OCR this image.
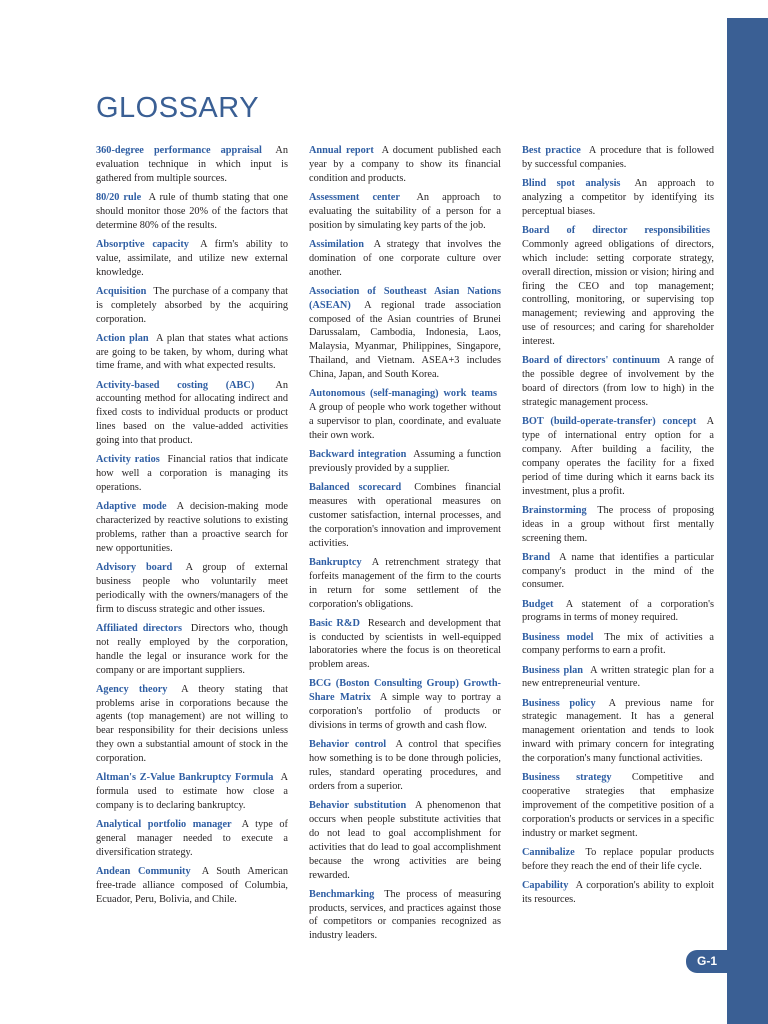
GLOSSARY

360-degree performance appraisal An evaluation technique in which input is gathered from multiple sources.

80/20 rule A rule of thumb stating that one should monitor those 20% of the factors that determine 80% of the results.

Absorptive capacity A firm's ability to value, assimilate, and utilize new external knowledge.

Acquisition The purchase of a company that is completely absorbed by the acquiring corporation.

Action plan A plan that states what actions are going to be taken, by whom, during what time frame, and with what expected results.

Activity-based costing (ABC) An accounting method for allocating indirect and fixed costs to individual products or product lines based on the value-added activities going into that product.

Activity ratios Financial ratios that indicate how well a corporation is managing its operations.

Adaptive mode A decision-making mode characterized by reactive solutions to existing problems, rather than a proactive search for new opportunities.

Advisory board A group of external business people who voluntarily meet periodically with the owners/managers of the firm to discuss strategic and other issues.

Affiliated directors Directors who, though not really employed by the corporation, handle the legal or insurance work for the company or are important suppliers.

Agency theory A theory stating that problems arise in corporations because the agents (top management) are not willing to bear responsibility for their decisions unless they own a substantial amount of stock in the corporation.

Altman's Z-Value Bankruptcy Formula A formula used to estimate how close a company is to declaring bankruptcy.

Analytical portfolio manager A type of general manager needed to execute a diversification strategy.

Andean Community A South American free-trade alliance composed of Columbia, Ecuador, Peru, Bolivia, and Chile.

Annual report A document published each year by a company to show its financial condition and products.

Assessment center An approach to evaluating the suitability of a person for a position by simulating key parts of the job.

Assimilation A strategy that involves the domination of one corporate culture over another.

Association of Southeast Asian Nations (ASEAN) A regional trade association composed of the Asian countries of Brunei Darussalam, Cambodia, Indonesia, Laos, Malaysia, Myanmar, Philippines, Singapore, Thailand, and Vietnam. ASEA+3 includes China, Japan, and South Korea.

Autonomous (self-managing) work teams A group of people who work together without a supervisor to plan, coordinate, and evaluate their own work.

Backward integration Assuming a function previously provided by a supplier.

Balanced scorecard Combines financial measures with operational measures on customer satisfaction, internal processes, and the corporation's innovation and improvement activities.

Bankruptcy A retrenchment strategy that forfeits management of the firm to the courts in return for some settlement of the corporation's obligations.

Basic R&D Research and development that is conducted by scientists in well-equipped laboratories where the focus is on theoretical problem areas.

BCG (Boston Consulting Group) Growth-Share Matrix A simple way to portray a corporation's portfolio of products or divisions in terms of growth and cash flow.

Behavior control A control that specifies how something is to be done through policies, rules, standard operating procedures, and orders from a superior.

Behavior substitution A phenomenon that occurs when people substitute activities that do not lead to goal accomplishment for activities that do lead to goal accomplishment because the wrong activities are being rewarded.

Benchmarking The process of measuring products, services, and practices against those of competitors or companies recognized as industry leaders.

Best practice A procedure that is followed by successful companies.

Blind spot analysis An approach to analyzing a competitor by identifying its perceptual biases.

Board of director responsibilities Commonly agreed obligations of directors, which include: setting corporate strategy, overall direction, mission or vision; hiring and firing the CEO and top management; controlling, monitoring, or supervising top management; reviewing and approving the use of resources; and caring for shareholder interest.

Board of directors' continuum A range of the possible degree of involvement by the board of directors (from low to high) in the strategic management process.

BOT (build-operate-transfer) concept A type of international entry option for a company. After building a facility, the company operates the facility for a fixed period of time during which it earns back its investment, plus a profit.

Brainstorming The process of proposing ideas in a group without first mentally screening them.

Brand A name that identifies a particular company's product in the mind of the consumer.

Budget A statement of a corporation's programs in terms of money required.

Business model The mix of activities a company performs to earn a profit.

Business plan A written strategic plan for a new entrepreneurial venture.

Business policy A previous name for strategic management. It has a general management orientation and tends to look inward with primary concern for integrating the corporation's many functional activities.

Business strategy Competitive and cooperative strategies that emphasize improvement of the competitive position of a corporation's products or services in a specific industry or market segment.

Cannibalize To replace popular products before they reach the end of their life cycle.

Capability A corporation's ability to exploit its resources.

G-1
